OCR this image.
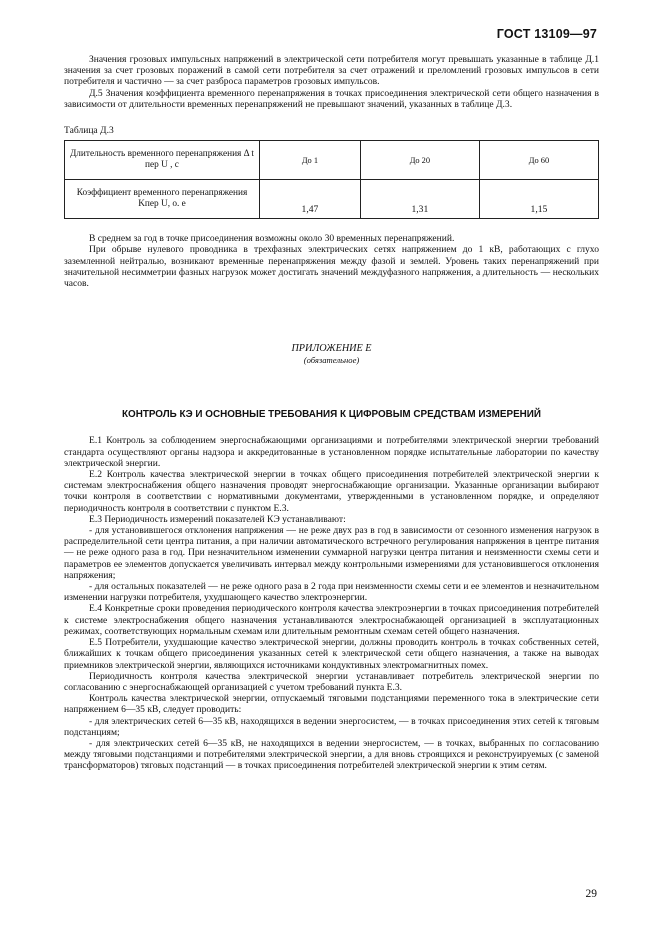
ГОСТ 13109—97

Значения грозовых импульсных напряжений в электрической сети потребителя могут превышать указанные в таблице Д.1 значения за счет грозовых поражений в самой сети потребителя за счет отражений и преломлений грозовых импульсов в сети потребителя и частично — за счет разброса параметров грозовых импульсов.

Д.5 Значения коэффициента временного перенапряжения в точках присоединения электрической сети общего назначения в зависимости от длительности временных перенапряжений не превышают значений, указанных в таблице Д.3.

Таблица Д.3

Длительность временного перенапряжения Δ t пер U , с	До 1	До 20	До 60
Коэффициент временного перенапряжения Kпер U, о. е	1,47	1,31	1,15

В среднем за год в точке присоединения возможны около 30 временных перенапряжений.

При обрыве нулевого проводника в трехфазных электрических сетях напряжением до 1 кВ, работающих с глухо заземленной нейтралью, возникают временные перенапряжения между фазой и землей. Уровень таких перенапряжений при значительной несимметрии фазных нагрузок может достигать значений междуфазного напряжения, а длительность — нескольких часов.

ПРИЛОЖЕНИЕ Е

(обязательное)

КОНТРОЛЬ КЭ И ОСНОВНЫЕ ТРЕБОВАНИЯ К ЦИФРОВЫМ СРЕДСТВАМ ИЗМЕРЕНИЙ

Е.1 Контроль за соблюдением энергоснабжающими организациями и потребителями электрической энергии требований стандарта осуществляют органы надзора и аккредитованные в установленном порядке испытательные лаборатории по качеству электрической энергии.

Е.2 Контроль качества электрической энергии в точках общего присоединения потребителей электрической энергии к системам электроснабжения общего назначения проводят энергоснабжающие организации. Указанные организации выбирают точки контроля в соответствии с нормативными документами, утвержденными в установленном порядке, и определяют периодичность контроля в соответствии с пунктом Е.3.

Е.3 Периодичность измерений показателей КЭ устанавливают:

- для установившегося отклонения напряжения — не реже двух раз в год в зависимости от сезонного изменения нагрузок в распределительной сети центра питания, а при наличии автоматического встречного регулирования напряжения в центре питания — не реже одного раза в год. При незначительном изменении суммарной нагрузки центра питания и неизменности схемы сети и параметров ее элементов допускается увеличивать интервал между контрольными измерениями для установившегося отклонения напряжения;

- для остальных показателей — не реже одного раза в 2 года при неизменности схемы сети и ее элементов и незначительном изменении нагрузки потребителя, ухудшающего качество электроэнергии.

Е.4 Конкретные сроки проведения периодического контроля качества электроэнергии в точках присоединения потребителей к системе электроснабжения общего назначения устанавливаются электроснабжающей организацией в эксплуатационных режимах, соответствующих нормальным схемам или длительным ремонтным схемам сетей общего назначения.

Е.5 Потребители, ухудшающие качество электрической энергии, должны проводить контроль в точках собственных сетей, ближайших к точкам общего присоединения указанных сетей к электрической сети общего назначения, а также на выводах приемников электрической энергии, являющихся источниками кондуктивных электромагнитных помех.

Периодичность контроля качества электрической энергии устанавливает потребитель электрической энергии по согласованию с энергоснабжающей организацией с учетом требований пункта Е.3.

Контроль качества электрической энергии, отпускаемый тяговыми подстанциями переменного тока в электрические сети напряжением 6—35 кВ, следует проводить:

- для электрических сетей 6—35 кВ, находящихся в ведении энергосистем, — в точках присоединения этих сетей к тяговым подстанциям;

- для электрических сетей 6—35 кВ, не находящихся в ведении энергосистем, — в точках, выбранных по согласованию между тяговыми подстанциями и потребителями электрической энергии, а для вновь строящихся и реконструируемых (с заменой трансформаторов) тяговых подстанций — в точках присоединения потребителей электрической энергии к этим сетям.

29
